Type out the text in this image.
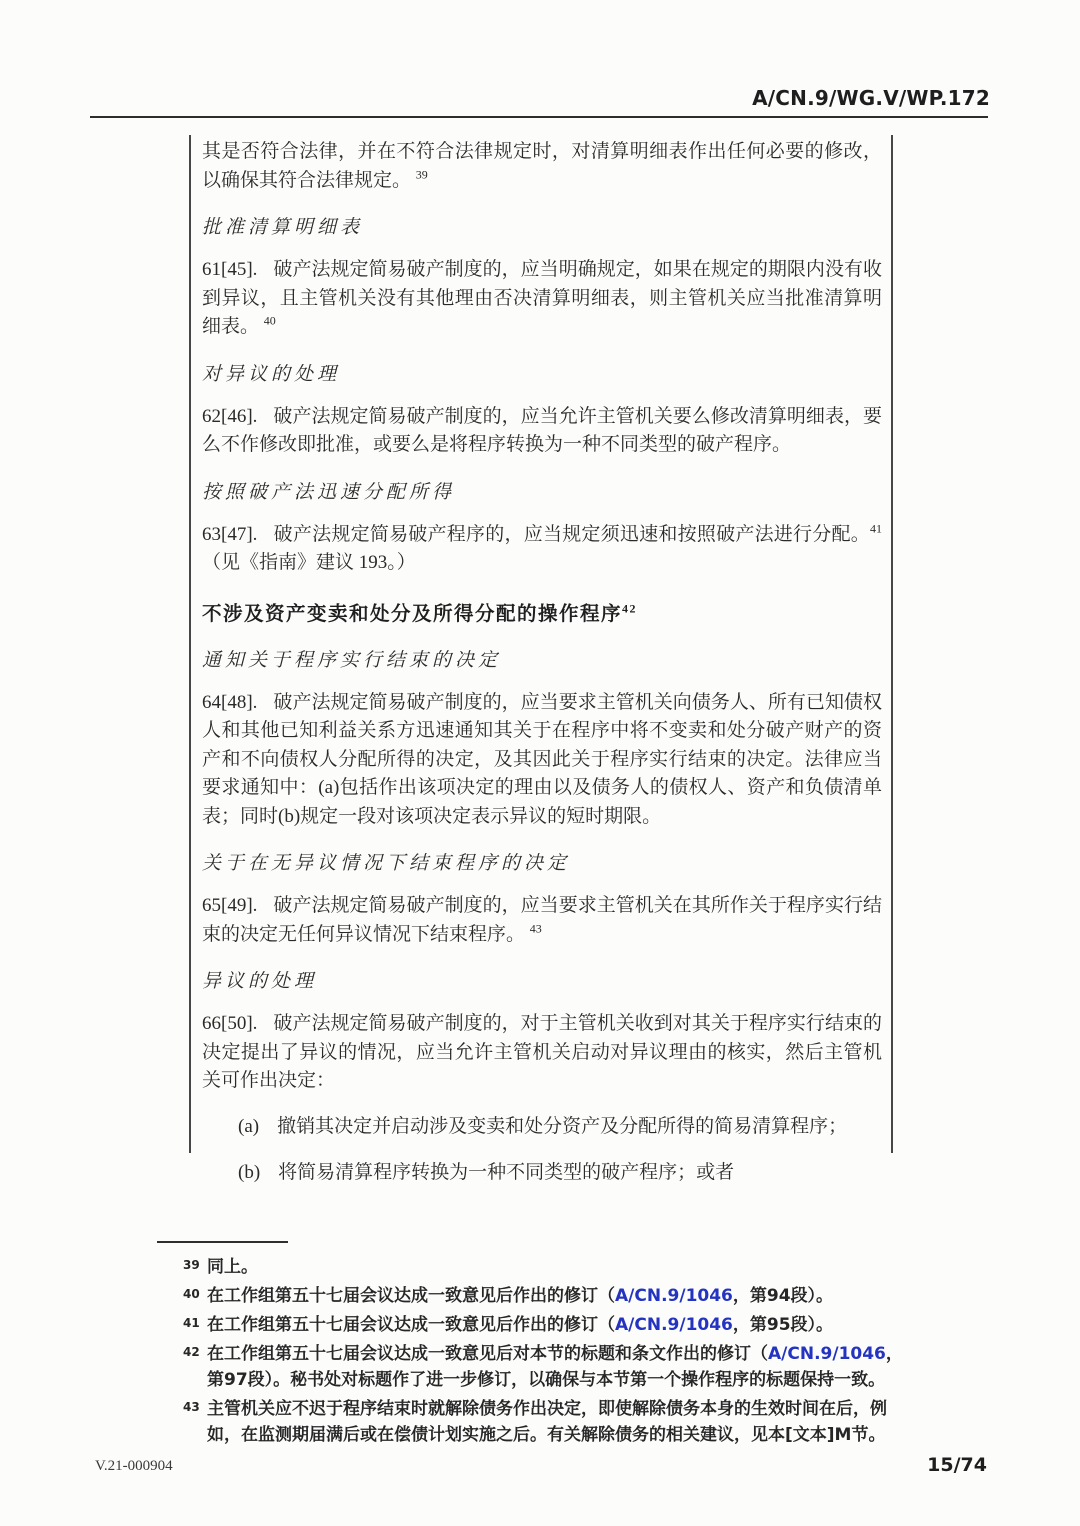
A/CN.9/WG.V/WP.172

其是否符合法律，并在不符合法律规定时，对清算明细表作出任何必要的修改，以确保其符合法律规定。 $^{39}$

批准清算明细表

61[45]. 破产法规定简易破产制度的，应当明确规定，如果在规定的期限内没有收到异议，且主管机关没有其他理由否决清算明细表，则主管机关应当批准清算明细表。 $^{40}$

对异议的处理

62[46]. 破产法规定简易破产制度的，应当允许主管机关要么修改清算明细表，要么不作修改即批准，或要么是将程序转换为一种不同类型的破产程序。

按照破产法迅速分配所得

63[47]. 破产法规定简易破产程序的，应当规定须迅速和按照破产法进行分配。$^{41}$（见《指南》建议 193。）

不涉及资产变卖和处分及所得分配的操作程序$^{42}$
通知关于程序实行结束的决定

64[48]. 破产法规定简易破产制度的，应当要求主管机关向债务人、所有已知债权人和其他已知利益关系方迅速通知其关于在程序中将不变卖和处分破产财产的资产和不向债权人分配所得的决定，及其因此关于程序实行结束的决定。法律应当要求通知中：(a)包括作出该项决定的理由以及债务人的债权人、资产和负债清单表；同时(b)规定一段对该项决定表示异议的短时期限。

关于在无异议情况下结束程序的决定

65[49]. 破产法规定简易破产制度的，应当要求主管机关在其所作关于程序实行结束的决定无任何异议情况下结束程序。 $^{43}$

异议的处理

66[50]. 破产法规定简易破产制度的，对于主管机关收到对其关于程序实行结束的决定提出了异议的情况，应当允许主管机关启动对异议理由的核实，然后主管机关可作出决定：

(a) 撤销其决定并启动涉及变卖和处分资产及分配所得的简易清算程序；

(b) 将简易清算程序转换为一种不同类型的破产程序；或者

39 同上。
40 在工作组第五十七届会议达成一致意见后作出的修订（A/CN.9/1046，第94段）。
41 在工作组第五十七届会议达成一致意见后作出的修订（A/CN.9/1046，第95段）。
42 在工作组第五十七届会议达成一致意见后对本节的标题和条文作出的修订（A/CN.9/1046，第97段）。秘书处对标题作了进一步修订，以确保与本节第一个操作程序的标题保持一致。
43 主管机关应不迟于程序结束时就解除债务作出决定，即使解除债务本身的生效时间在后，例如，在监测期届满后或在偿债计划实施之后。有关解除债务的相关建议，见本[文本]M节。
V.21-000904	15/74
